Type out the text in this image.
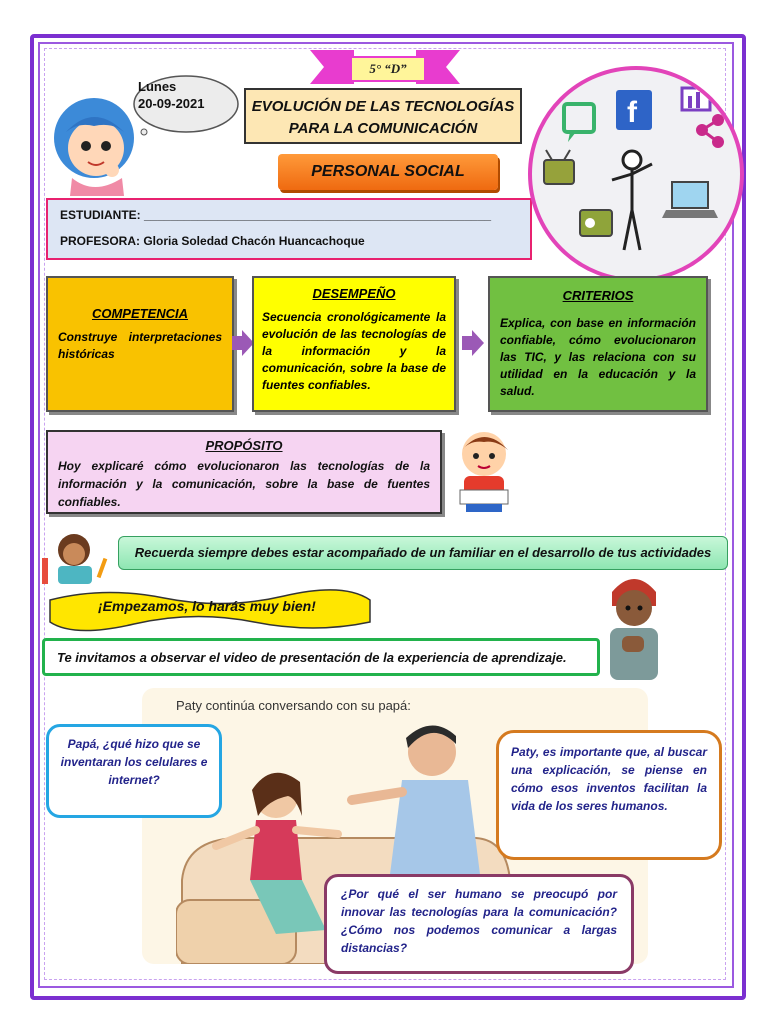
5° “D”
Lunes
20-09-2021	EVOLUCIÓN DE LAS TECNOLOGÍAS
PARA LA COMUNICACIÓN
PERSONAL SOCIAL
ESTUDIANTE: ____________________________________________________
PROFESORA: Gloria Soledad Chacón Huancachoque
f
COMPETENCIA
Construye interpretaciones históricas
DESEMPEÑO
Secuencia cronológicamente la evolución de las tecnologías de la información y la comunicación, sobre la base de fuentes confiables.
CRITERIOS
Explica, con base en información confiable, cómo evolucionaron las TIC, y las relaciona con su utilidad en la educación y la salud.
PROPÓSITO
Hoy explicaré cómo evolucionaron las tecnologías de la información y la comunicación, sobre la base de fuentes confiables.
Recuerda siempre debes estar acompañado de un familiar en el desarrollo de tus actividades
¡Empezamos, lo harás muy bien!
Te invitamos a observar el video de presentación de la experiencia de aprendizaje.
Paty continúa conversando con su papá:
Papá, ¿qué hizo que se inventaran los celulares e internet?
Paty, es importante que, al buscar una explicación, se piense en cómo esos inventos facilitan la vida de los seres humanos.
¿Por qué el ser humano se preocupó por innovar las tecnologías para la comunicación? ¿Cómo nos podemos comunicar a largas distancias?
